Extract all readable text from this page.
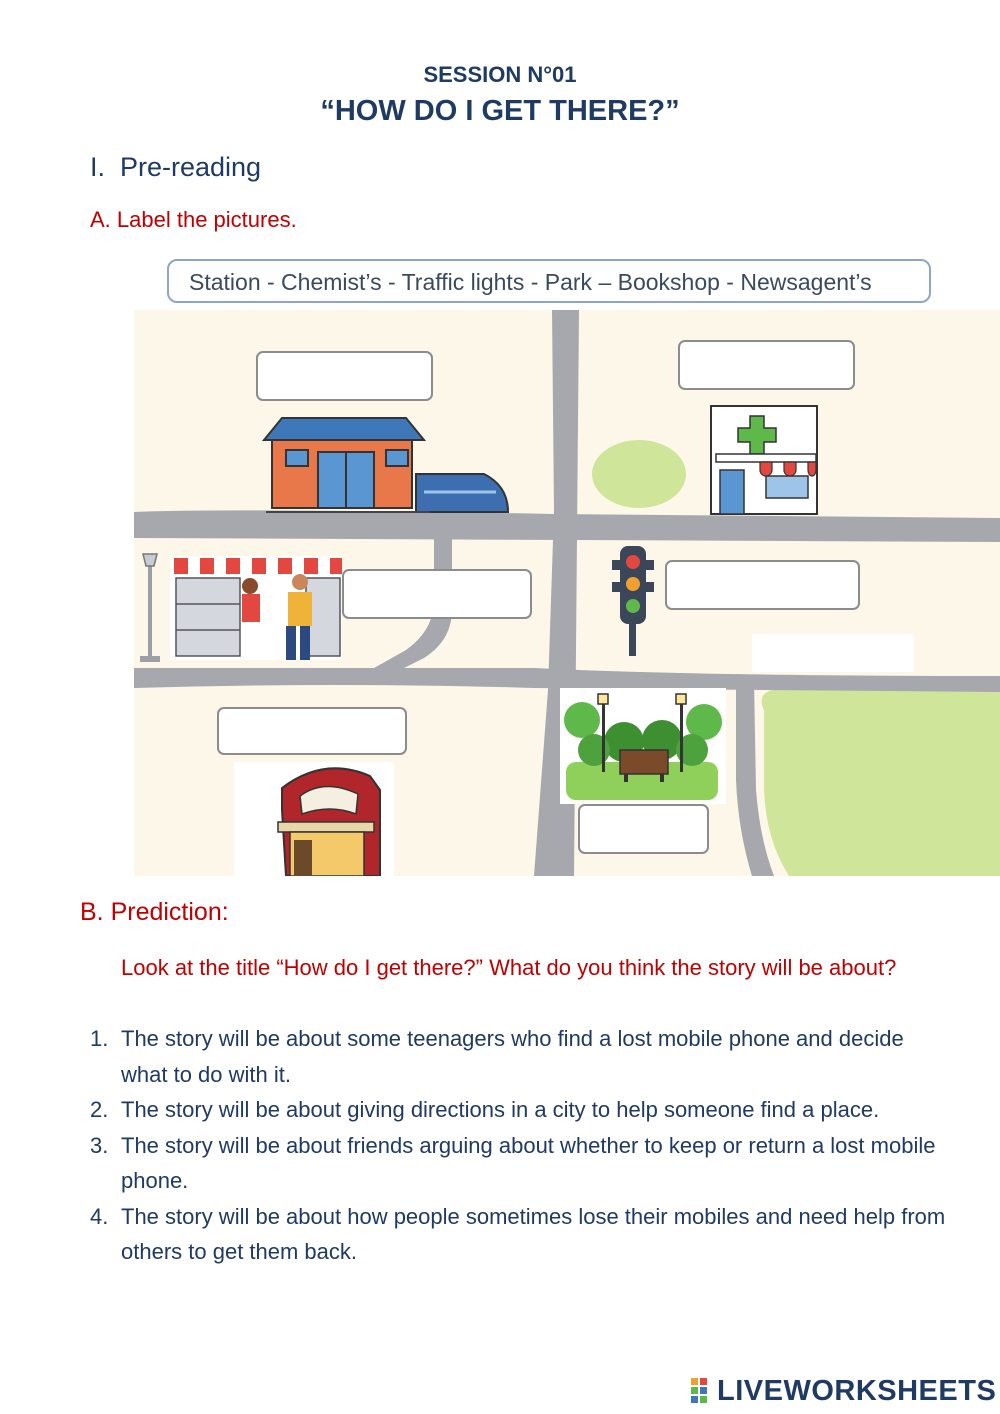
SESSION N°01
“HOW DO I GET THERE?”
I. Pre-reading
A. Label the pictures.
Station - Chemist’s - Traffic lights - Park – Bookshop - Newsagent’s
B. Prediction:
Look at the title “How do I get there?” What do you think the story will be about?
1. The story will be about some teenagers who find a lost mobile phone and decide what to do with it.
2. The story will be about giving directions in a city to help someone find a place.
3. The story will be about friends arguing about whether to keep or return a lost mobile phone.
4. The story will be about how people sometimes lose their mobiles and need help from others to get them back.
LIVEWORKSHEETS
